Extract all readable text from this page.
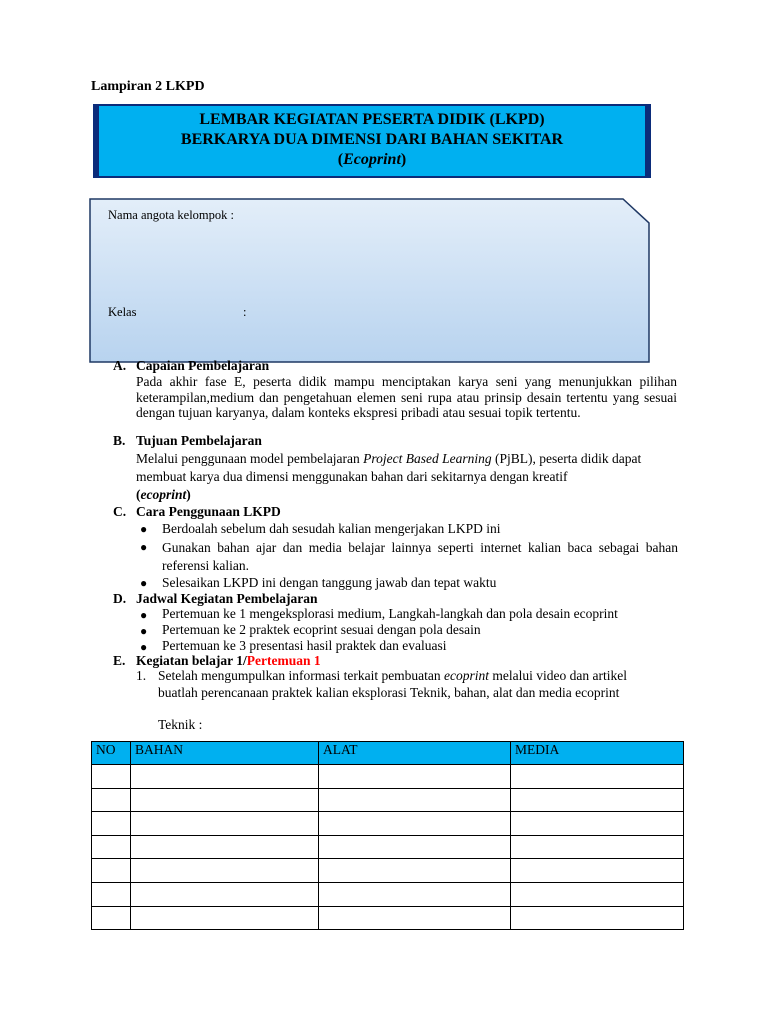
Lampiran 2 LKPD
LEMBAR KEGIATAN PESERTA DIDIK (LKPD)
BERKARYA DUA DIMENSI DARI BAHAN SEKITAR
(Ecoprint)
Nama angota kelompok :
Kelas	:
A. Capaian Pembelajaran
Pada akhir fase E, peserta didik mampu menciptakan karya seni yang menunjukkan pilihan keterampilan,medium dan pengetahuan elemen seni rupa atau prinsip desain tertentu yang sesuai dengan tujuan karyanya, dalam konteks ekspresi pribadi atau sesuai topik tertentu.
B. Tujuan Pembelajaran
Melalui penggunaan model pembelajaran Project Based Learning (PjBL), peserta didik dapat membuat karya dua dimensi menggunakan bahan dari sekitarnya dengan kreatif
(ecoprint)
C. Cara Penggunaan LKPD
● Berdoalah sebelum dah sesudah kalian mengerjakan LKPD ini
● Gunakan bahan ajar dan media belajar lainnya seperti internet kalian baca sebagai bahan referensi kalian.
● Selesaikan LKPD ini dengan tanggung jawab dan tepat waktu
D. Jadwal Kegiatan Pembelajaran
● Pertemuan ke 1 mengeksplorasi medium, Langkah-langkah dan pola desain ecoprint
● Pertemuan ke 2 praktek ecoprint sesuai dengan pola desain
● Pertemuan ke 3 presentasi hasil praktek dan evaluasi
E. Kegiatan belajar 1/Pertemuan 1
1. Setelah mengumpulkan informasi terkait pembuatan ecoprint melalui video dan artikel buatlah perencanaan praktek kalian eksplorasi Teknik, bahan, alat dan media ecoprint
Teknik :
NO	BAHAN	ALAT	MEDIA
